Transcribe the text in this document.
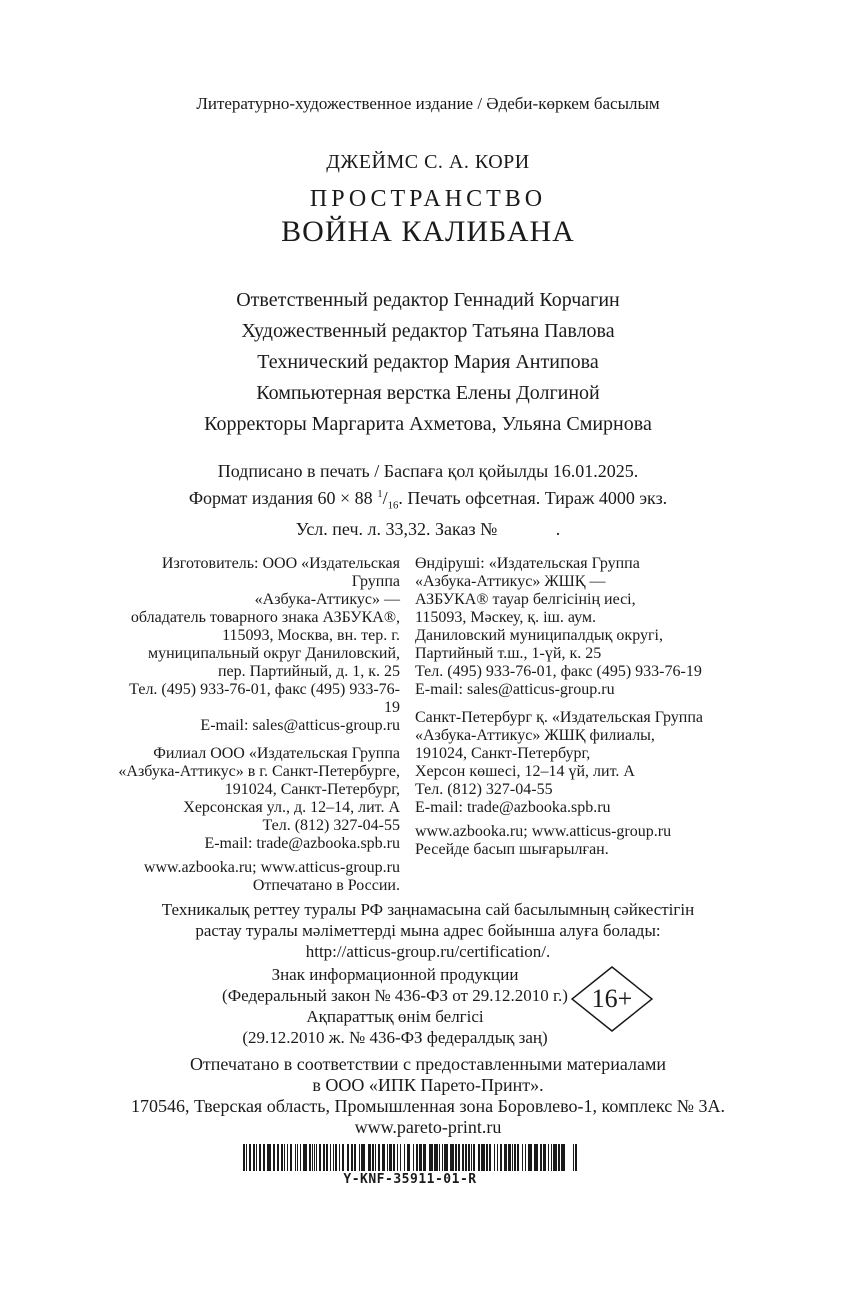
Литературно-художественное издание / Әдеби-көркем басылым
ДЖЕЙМС С. А. КОРИ
ПРОСТРАНСТВО
ВОЙНА КАЛИБАНА
Ответственный редактор Геннадий Корчагин
Художественный редактор Татьяна Павлова
Технический редактор Мария Антипова
Компьютерная верстка Елены Долгиной
Корректоры Маргарита Ахметова, Ульяна Смирнова
Подписано в печать / Баспаға қол қойылды 16.01.2025.
Формат издания 60 × 88 $^1/_{16}$. Печать офсетная. Тираж 4000 экз.
Усл. печ. л. 33,32. Заказ №             .
Изготовитель: ООО «Издательская Группа
«Азбука-Аттикус» —
обладатель товарного знака АЗБУКА®,
115093, Москва, вн. тер. г.
муниципальный округ Даниловский,
пер. Партийный, д. 1, к. 25
Тел. (495) 933-76-01, факс (495) 933-76-19
E-mail: sales@atticus-group.ru
Филиал ООО «Издательская Группа
«Азбука-Аттикус» в г. Санкт-Петербурге,
191024, Санкт-Петербург,
Херсонская ул., д. 12–14, лит. А
Тел. (812) 327-04-55
E-mail: trade@azbooka.spb.ru
www.azbooka.ru; www.atticus-group.ru
Отпечатано в России.
Өндіруші: «Издательская Группа
«Азбука-Аттикус» ЖШҚ —
АЗБУКА® тауар белгісінің иесі,
115093, Мәскеу, қ. іш. аум.
Даниловский муниципалдық округі,
Партийный т.ш., 1-үй, к. 25
Тел. (495) 933-76-01, факс (495) 933-76-19
E-mail: sales@atticus-group.ru
Санкт-Петербург қ. «Издательская Группа
«Азбука-Аттикус» ЖШҚ филиалы,
191024, Санкт-Петербург,
Херсон көшесі, 12–14 үй, лит. А
Тел. (812) 327-04-55
E-mail: trade@azbooka.spb.ru
www.azbooka.ru; www.atticus-group.ru
Ресейде басып шығарылған.
Техникалық реттеу туралы РФ заңнамасына сай басылымның сәйкестігін
растау туралы мәліметтерді мына адрес бойынша алуға болады:
http://atticus-group.ru/certification/.
Знак информационной продукции
(Федеральный закон № 436-ФЗ от 29.12.2010 г.)
Ақпараттық өнім белгісі
(29.12.2010 ж. № 436-ФЗ федералдық заң)
16+
Отпечатано в соответствии с предоставленными материалами
в ООО «ИПК Парето-Принт».
170546, Тверская область, Промышленная зона Боровлево-1, комплекс № 3А.
www.pareto-print.ru
Y-KNF-35911-01-R
